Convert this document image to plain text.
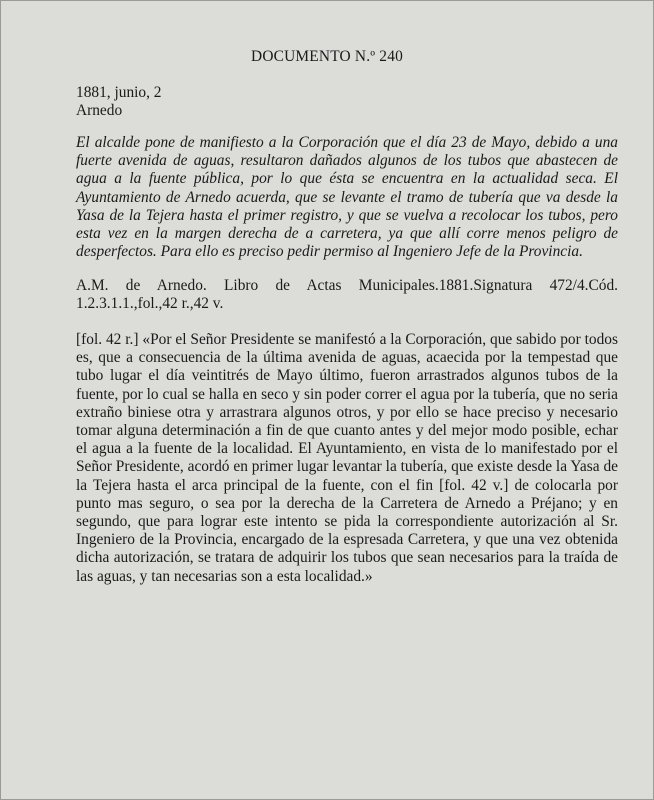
DOCUMENTO N.º 240
1881, junio, 2
Arnedo

El alcalde pone de manifiesto a la Corporación que el día 23 de Mayo, debido a una fuerte avenida de aguas, resultaron dañados algunos de los tubos que abastecen de agua a la fuente pública, por lo que ésta se encuentra en la actualidad seca. El Ayuntamiento de Arnedo acuerda, que se levante el tramo de tubería que va desde la Yasa de la Tejera hasta el primer registro, y que se vuelva a recolocar los tubos, pero esta vez en la margen derecha de a carretera, ya que allí corre menos peligro de desperfectos. Para ello es preciso pedir permiso al Ingeniero Jefe de la Provincia.

A.M. de Arnedo. Libro de Actas Municipales.1881.Signatura 472/4.Cód. 1.2.3.1.1.,fol.,42 r.,42 v.

[fol. 42 r.] «Por el Señor Presidente se manifestó a la Corporación, que sabido por todos es, que a consecuencia de la última avenida de aguas, acaecida por la tempestad que tubo lugar el día veintitrés de Mayo último, fueron arrastrados algunos tubos de la fuente, por lo cual se halla en seco y sin poder correr el agua por la tubería, que no seria extraño biniese otra y arrastrara algunos otros, y por ello se hace preciso y necesario tomar alguna determinación a fin de que cuanto antes y del mejor modo posible, echar el agua a la fuente de la localidad. El Ayuntamiento, en vista de lo manifestado por el Señor Presidente, acordó en primer lugar levantar la tubería, que existe desde la Yasa de la Tejera hasta el arca principal de la fuente, con el fin [fol. 42 v.] de colocarla por punto mas seguro, o sea por la derecha de la Carretera de Arnedo a Préjano; y en segundo, que para lograr este intento se pida la correspondiente autorización al Sr. Ingeniero de la Provincia, encargado de la espresada Carretera, y que una vez obtenida dicha autorización, se tratara de adquirir los tubos que sean necesarios para la traída de las aguas, y tan necesarias son a esta localidad.»
